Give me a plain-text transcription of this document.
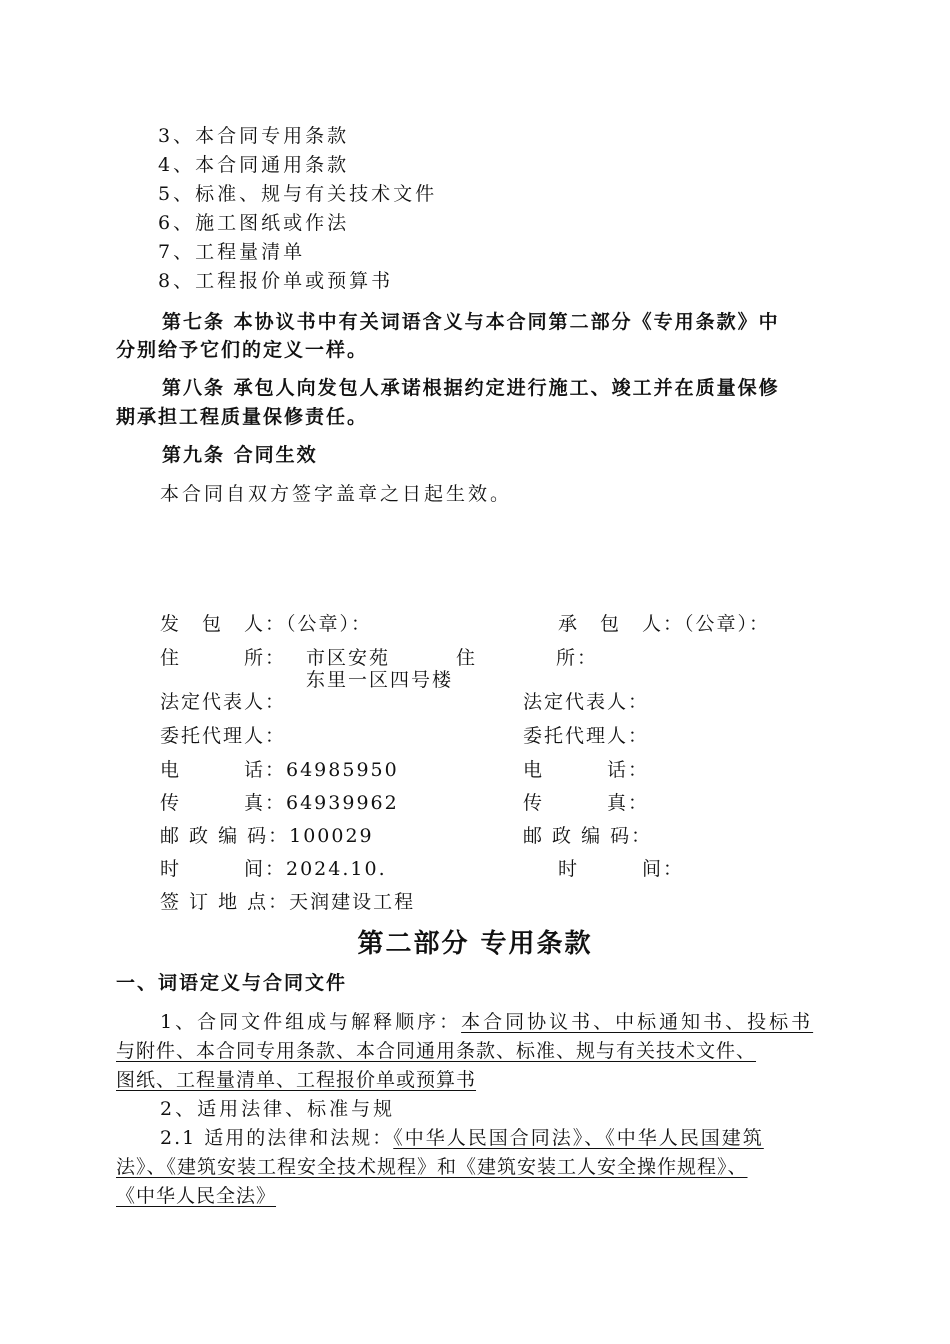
3、本合同专用条款
4、本合同通用条款
5、标准、规与有关技术文件
6、施工图纸或作法
7、工程量清单
8、工程报价单或预算书
第七条 本协议书中有关词语含义与本合同第二部分《专用条款》中
分别给予它们的定义一样。
第八条 承包人向发包人承诺根据约定进行施工、竣工并在质量保修
期承担工程质量保修责任。
第九条 合同生效
本合同自双方签字盖章之日起生效。
发　包　人：（公章）：
住　　　所： 市区安苑
东里一区四号楼
法定代表人：
委托代理人：
电　　　话：64985950
传　　　真：64939962
邮 政 编 码：100029
时　　　间：2024.10.
签 订 地 点：天润建设工程
承　包　人：（公章）：
住	所：
法定代表人：
委托代理人：
电　　　话：
传　　　真：
邮 政 编 码：
时　　　间：
第二部分 专用条款
一、词语定义与合同文件
1、合同文件组成与解释顺序：本合同协议书、中标通知书、投标书
与附件、本合同专用条款、本合同通用条款、标准、规与有关技术文件、
图纸、工程量清单、工程报价单或预算书
2、适用法律、标准与规
2.1 适用的法律和法规：《中华人民国合同法》、《中华人民国建筑
法》、《建筑安装工程安全技术规程》和《建筑安装工人安全操作规程》、
《中华人民全法》
